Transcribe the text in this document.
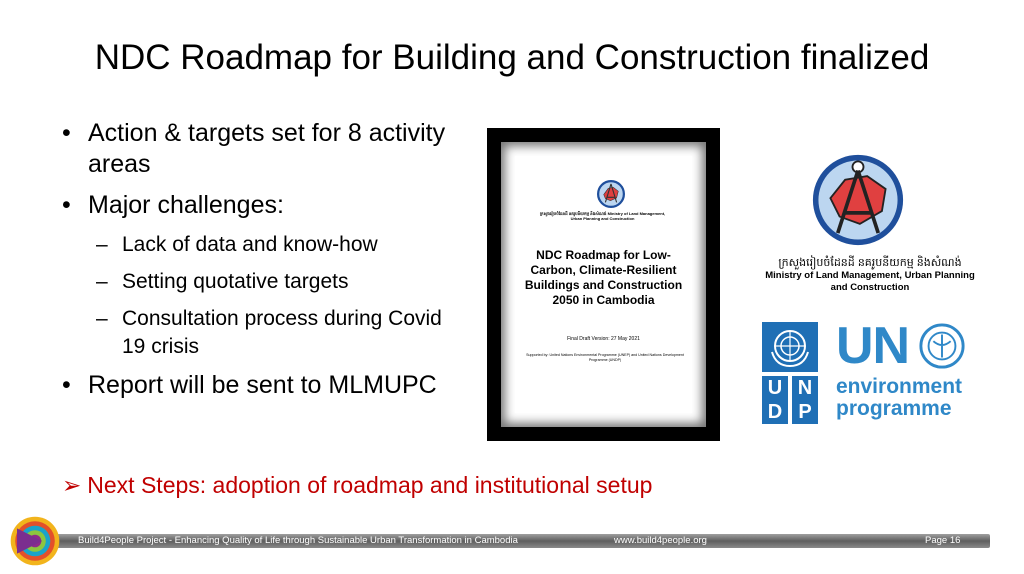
NDC Roadmap for Building and Construction finalized
• Action & targets set for 8 activity areas
• Major challenges:
– Lack of data and know-how
– Setting quotative targets
– Consultation process during Covid 19 crisis
• Report will be sent to MLMUPC
➢ Next Steps: adoption of roadmap and institutional setup
ក្រសួងរៀបចំដែនដី នគរូបនីយកម្ម និងសំណង់ Ministry of Land Management, Urban Planning and Construction
NDC Roadmap for Low-Carbon, Climate-Resilient Buildings and Construction 2050 in Cambodia
Final Draft Version: 27 May 2021
Supported by: United Nations Environmental Programme (UNEP) and United Nations Development Programme (UNDP)
ក្រសួងរៀបចំដែនដី នគរូបនីយកម្ម និងសំណង់
Ministry of Land Management, Urban Planning and Construction
U N
D P
UN
environment
programme
Build4People Project - Enhancing Quality of Life through Sustainable Urban Transformation in Cambodia	www.build4people.org	Page 16
